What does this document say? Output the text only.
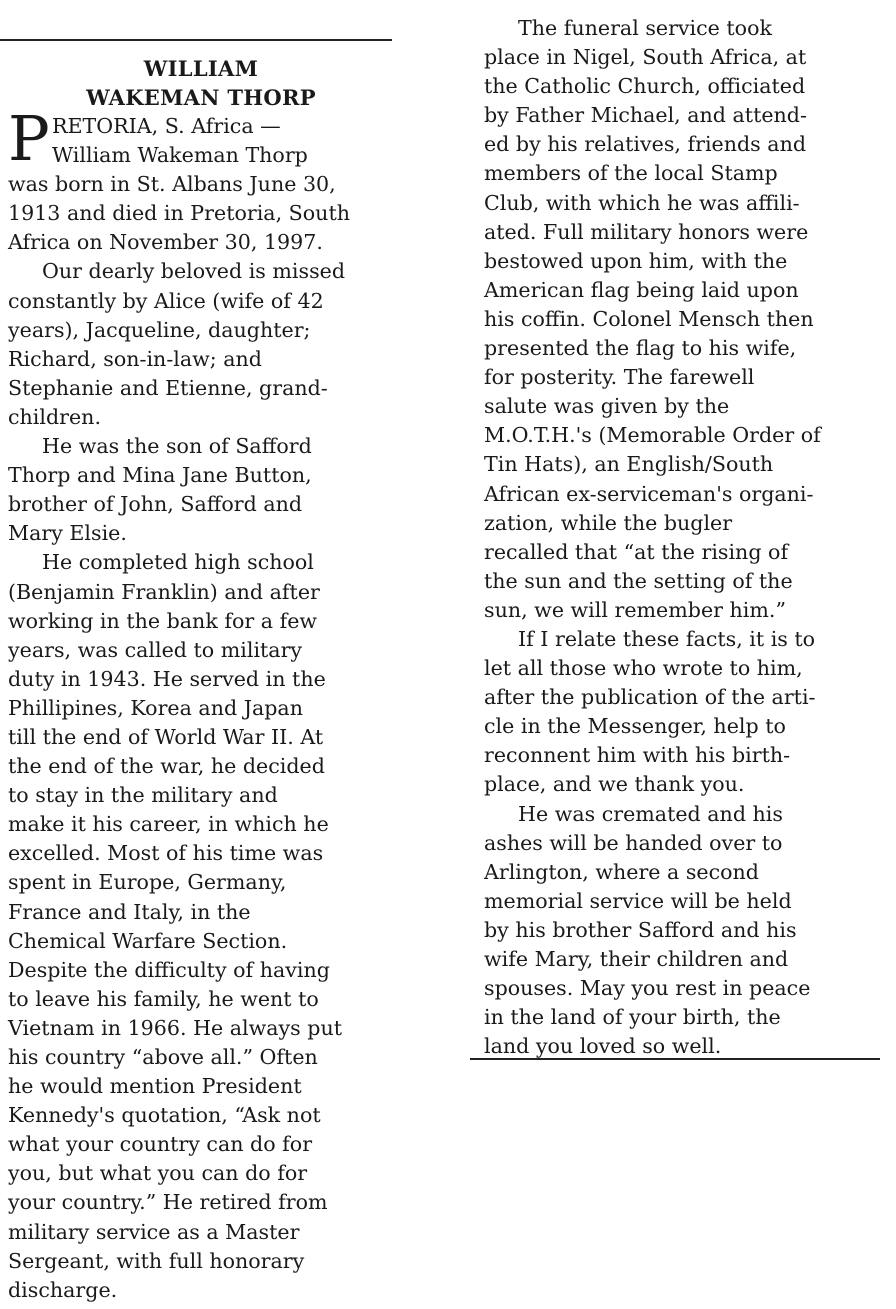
WILLIAM
WAKEMAN THORP
P RETORIA, S. Africa —
William Wakeman Thorp
was born in St. Albans June 30,
1913 and died in Pretoria, South
Africa on November 30, 1997.
Our dearly beloved is missed
constantly by Alice (wife of 42
years), Jacqueline, daughter;
Richard, son-in-law; and
Stephanie and Etienne, grand-
children.
He was the son of Safford
Thorp and Mina Jane Button,
brother of John, Safford and
Mary Elsie.
He completed high school
(Benjamin Franklin) and after
working in the bank for a few
years, was called to military
duty in 1943. He served in the
Phillipines, Korea and Japan
till the end of World War II. At
the end of the war, he decided
to stay in the military and
make it his career, in which he
excelled. Most of his time was
spent in Europe, Germany,
France and Italy, in the
Chemical Warfare Section.
Despite the difficulty of having
to leave his family, he went to
Vietnam in 1966. He always put
his country “above all.” Often
he would mention President
Kennedy's quotation, “Ask not
what your country can do for
you, but what you can do for
your country.” He retired from
military service as a Master
Sergeant, with full honorary
discharge.
The funeral service took
place in Nigel, South Africa, at
the Catholic Church, officiated
by Father Michael, and attend-
ed by his relatives, friends and
members of the local Stamp
Club, with which he was affili-
ated. Full military honors were
bestowed upon him, with the
American flag being laid upon
his coffin. Colonel Mensch then
presented the flag to his wife,
for posterity. The farewell
salute was given by the
M.O.T.H.'s (Memorable Order of
Tin Hats), an English/South
African ex-serviceman's organi-
zation, while the bugler
recalled that “at the rising of
the sun and the setting of the
sun, we will remember him.”
If I relate these facts, it is to
let all those who wrote to him,
after the publication of the arti-
cle in the Messenger, help to
reconnent him with his birth-
place, and we thank you.
He was cremated and his
ashes will be handed over to
Arlington, where a second
memorial service will be held
by his brother Safford and his
wife Mary, their children and
spouses. May you rest in peace
in the land of your birth, the
land you loved so well.
